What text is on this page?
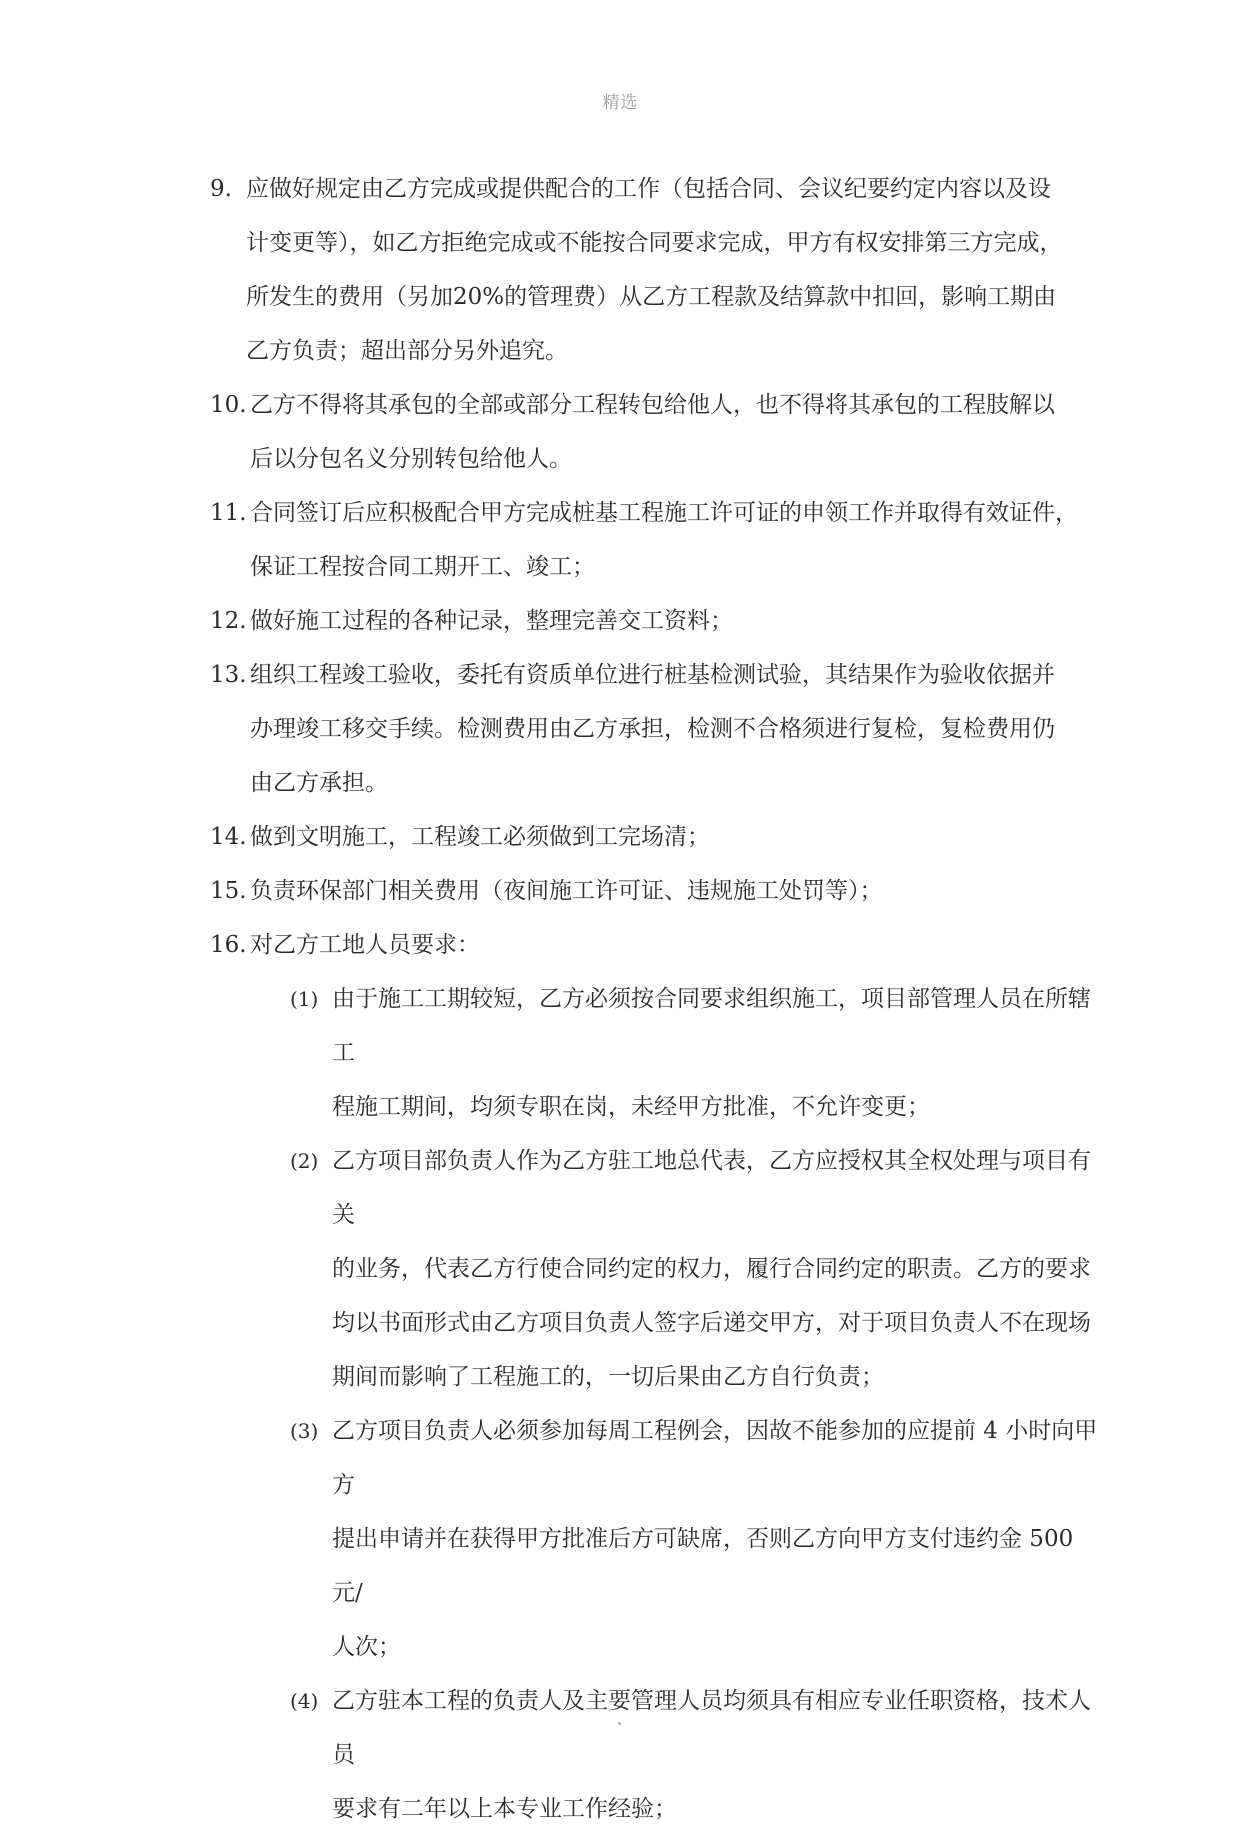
精选
9. 应做好规定由乙方完成或提供配合的工作（包括合同、会议纪要约定内容以及设
计变更等），如乙方拒绝完成或不能按合同要求完成，甲方有权安排第三方完成，
所发生的费用（另加20%的管理费）从乙方工程款及结算款中扣回，影响工期由
乙方负责；超出部分另外追究。
10. 乙方不得将其承包的全部或部分工程转包给他人，也不得将其承包的工程肢解以
后以分包名义分别转包给他人。
11. 合同签订后应积极配合甲方完成桩基工程施工许可证的申领工作并取得有效证件，
保证工程按合同工期开工、竣工；
12. 做好施工过程的各种记录，整理完善交工资料；
13. 组织工程竣工验收，委托有资质单位进行桩基检测试验，其结果作为验收依据并
办理竣工移交手续。检测费用由乙方承担，检测不合格须进行复检，复检费用仍
由乙方承担。
14. 做到文明施工，工程竣工必须做到工完场清；
15. 负责环保部门相关费用（夜间施工许可证、违规施工处罚等）；
16. 对乙方工地人员要求：
(1) 由于施工工期较短，乙方必须按合同要求组织施工，项目部管理人员在所辖工
程施工期间，均须专职在岗，未经甲方批准，不允许变更；
(2) 乙方项目部负责人作为乙方驻工地总代表，乙方应授权其全权处理与项目有关
的业务，代表乙方行使合同约定的权力，履行合同约定的职责。乙方的要求
均以书面形式由乙方项目负责人签字后递交甲方，对于项目负责人不在现场
期间而影响了工程施工的，一切后果由乙方自行负责；
(3) 乙方项目负责人必须参加每周工程例会，因故不能参加的应提前 4 小时向甲方
提出申请并在获得甲方批准后方可缺席，否则乙方向甲方支付违约金 500 元/
人次；
(4) 乙方驻本工程的负责人及主要管理人员均须具有相应专业任职资格，技术人员
要求有二年以上本专业工作经验；
